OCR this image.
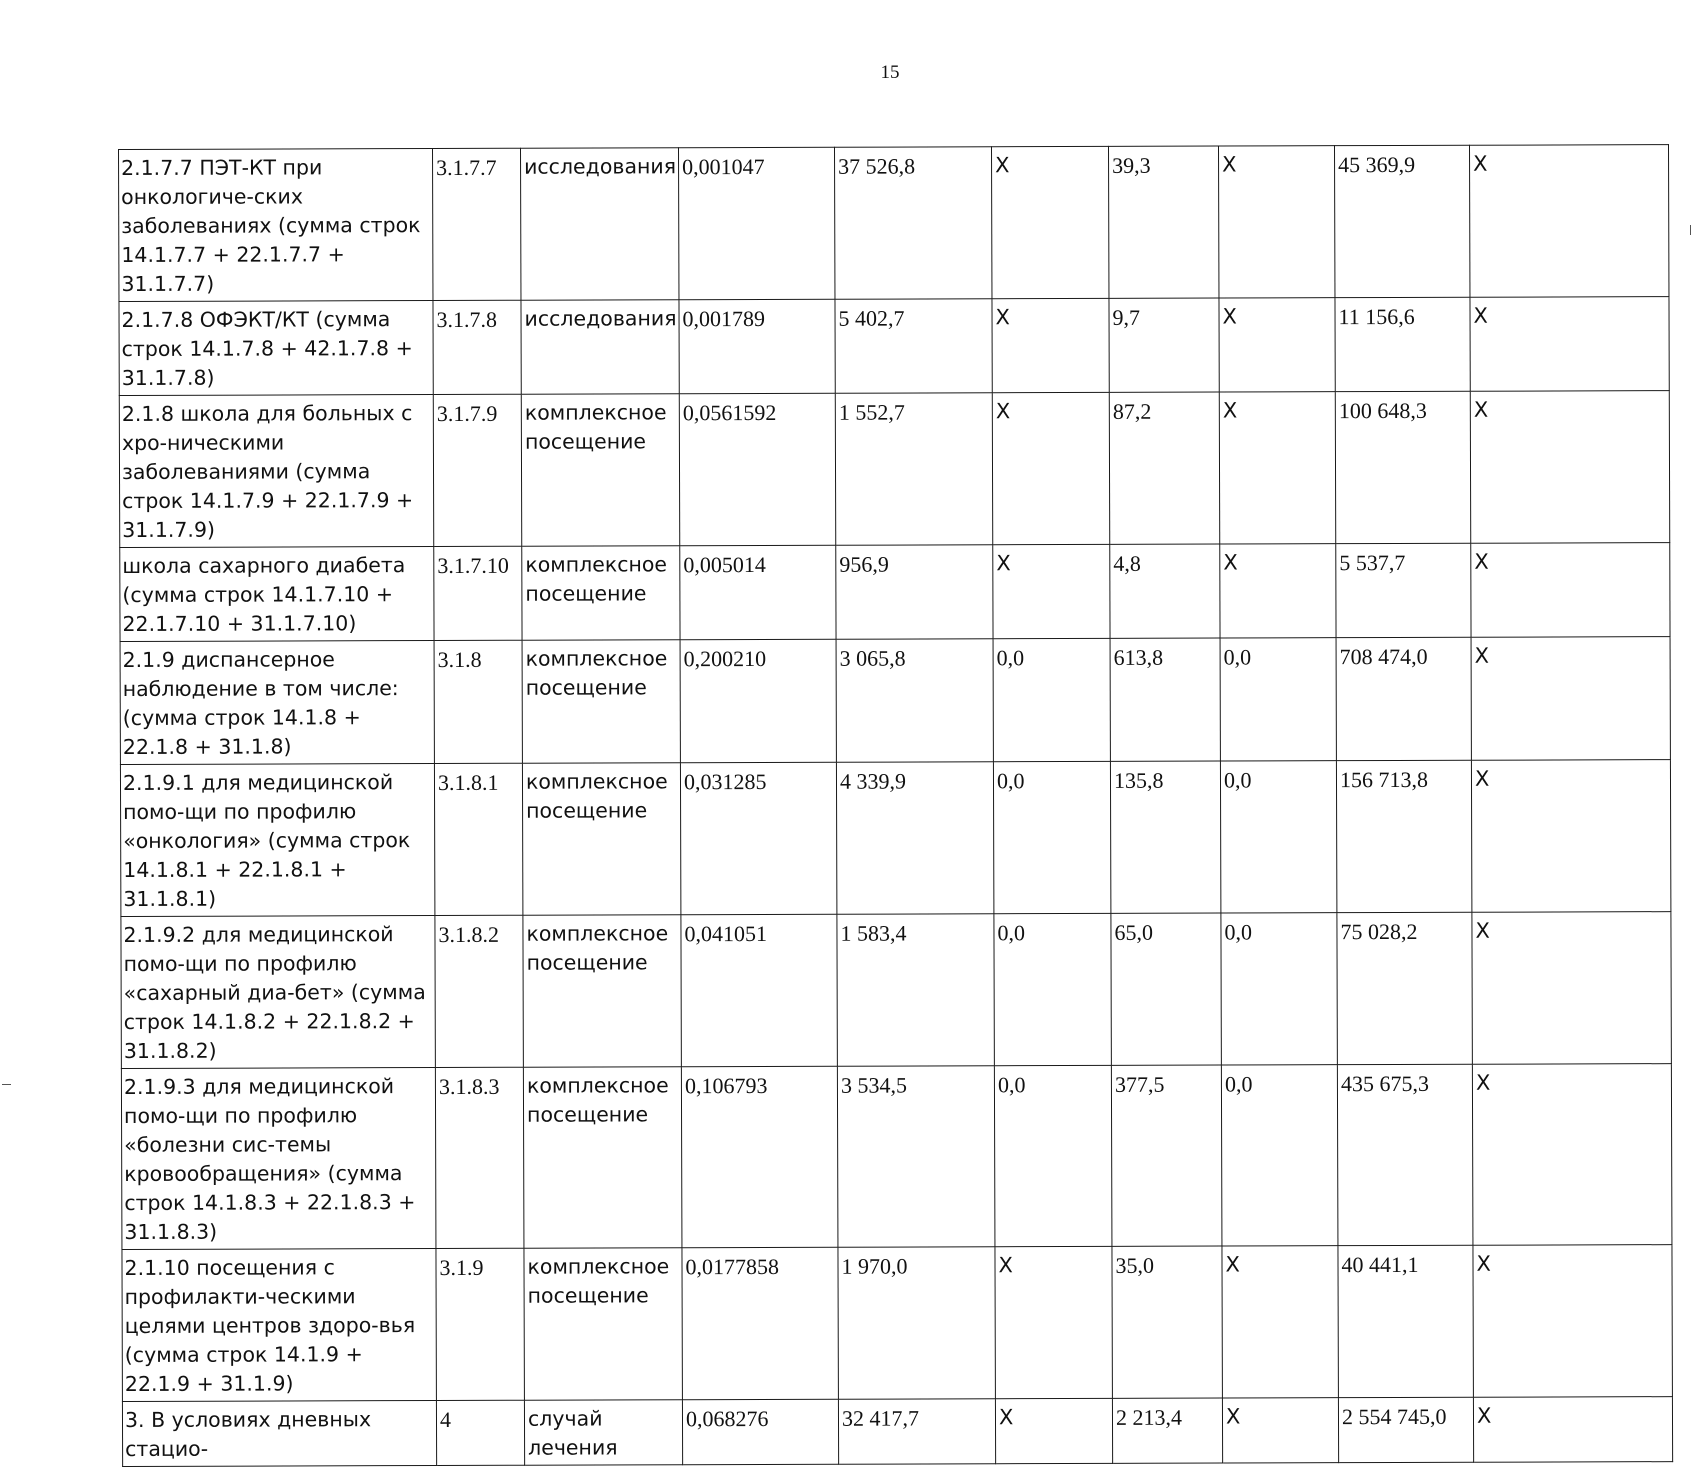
15
2.1.7.7 ПЭТ-КТ при онкологиче-ских заболеваниях (сумма строк 14.1.7.7 + 22.1.7.7 + 31.1.7.7)	3.1.7.7	исследования	0,001047	37 526,8	X	39,3	X	45 369,9	X
2.1.7.8 ОФЭКТ/КТ (сумма строк 14.1.7.8 + 42.1.7.8 + 31.1.7.8)	3.1.7.8	исследования	0,001789	5 402,7	X	9,7	X	11 156,6	X
2.1.8 школа для больных с хро-ническими заболеваниями (сумма строк 14.1.7.9 + 22.1.7.9 + 31.1.7.9)	3.1.7.9	комплексное посещение	0,0561592	1 552,7	X	87,2	X	100 648,3	X
школа сахарного диабета (сумма строк 14.1.7.10 + 22.1.7.10 + 31.1.7.10)	3.1.7.10	комплексное посещение	0,005014	956,9	X	4,8	X	5 537,7	X
2.1.9 диспансерное наблюдение в том числе: (сумма строк 14.1.8 + 22.1.8 + 31.1.8)	3.1.8	комплексное посещение	0,200210	3 065,8	0,0	613,8	0,0	708 474,0	X
2.1.9.1 для медицинской помо-щи по профилю «онкология» (сумма строк 14.1.8.1 + 22.1.8.1 + 31.1.8.1)	3.1.8.1	комплексное посещение	0,031285	4 339,9	0,0	135,8	0,0	156 713,8	X
2.1.9.2 для медицинской помо-щи по профилю «сахарный диа-бет» (сумма строк 14.1.8.2 + 22.1.8.2 + 31.1.8.2)	3.1.8.2	комплексное посещение	0,041051	1 583,4	0,0	65,0	0,0	75 028,2	X
2.1.9.3 для медицинской помо-щи по профилю «болезни сис-темы кровообращения» (сумма строк 14.1.8.3 + 22.1.8.3 + 31.1.8.3)	3.1.8.3	комплексное посещение	0,106793	3 534,5	0,0	377,5	0,0	435 675,3	X
2.1.10 посещения с профилакти-ческими целями центров здоро-вья (сумма строк 14.1.9 + 22.1.9 + 31.1.9)	3.1.9	комплексное посещение	0,0177858	1 970,0	X	35,0	X	40 441,1	X
3. В условиях дневных стацио-	4	случай лечения	0,068276	32 417,7	X	2 213,4	X	2 554 745,0	X
